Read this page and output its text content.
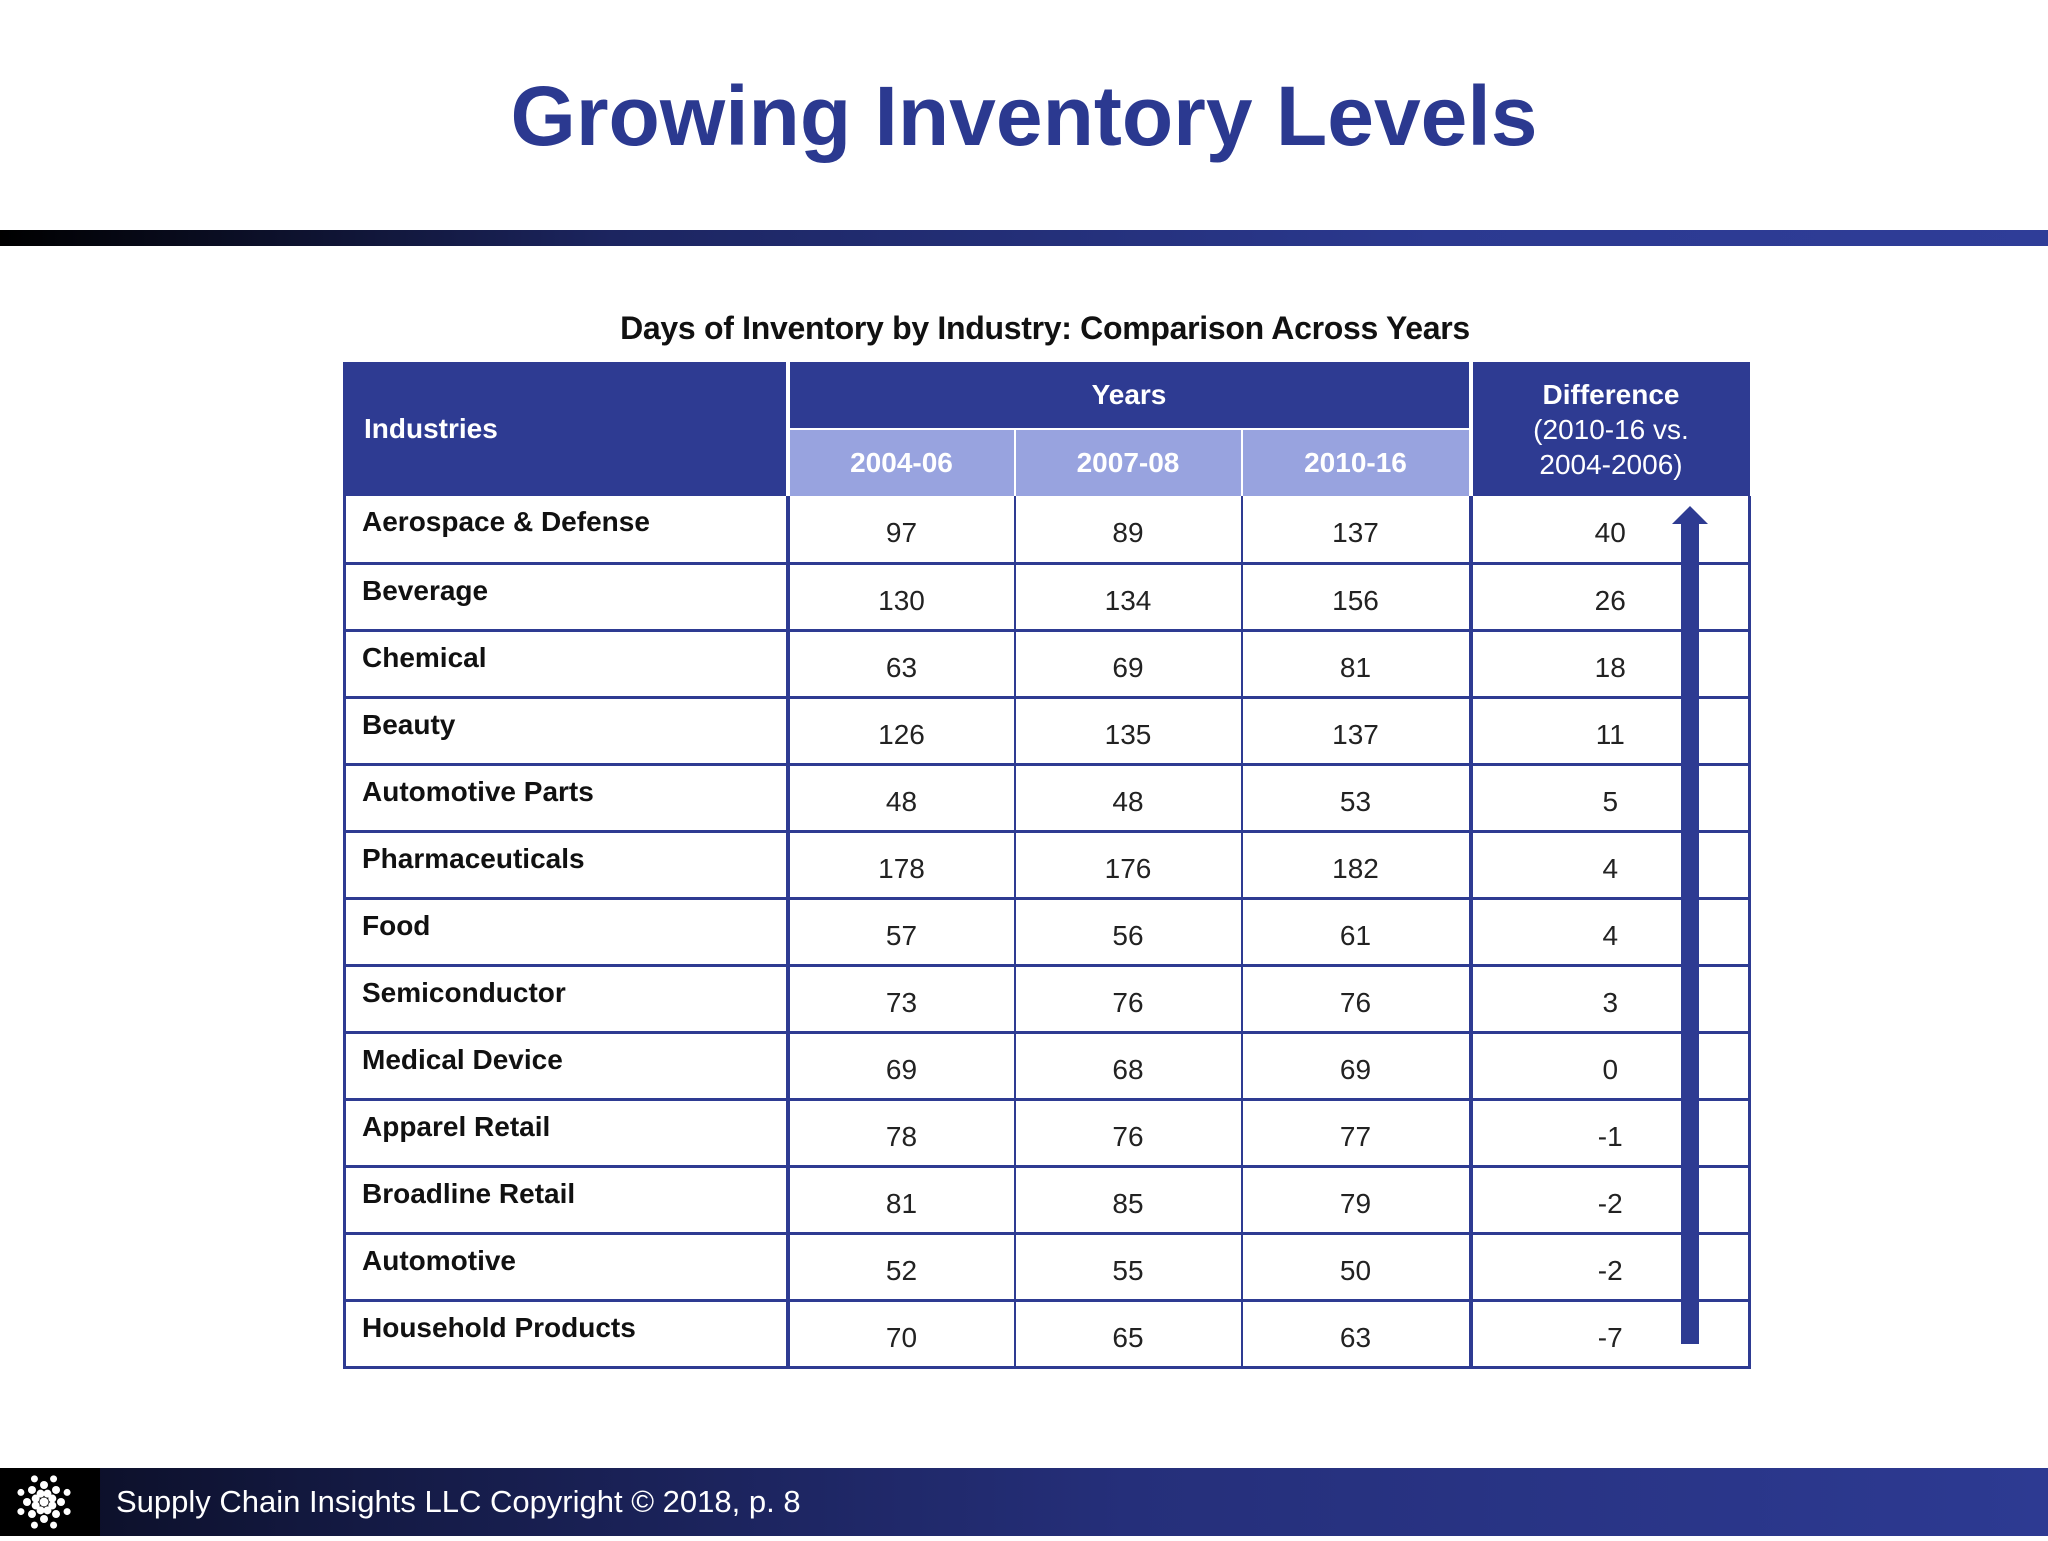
Growing Inventory Levels
Days of Inventory by Industry: Comparison Across Years
Industries	Years			Difference
(2010-16 vs.
2004-2006)

	2004-06	2007-08	2010-16	
Aerospace & Defense	97	89	137	40
Beverage	130	134	156	26
Chemical	63	69	81	18
Beauty	126	135	137	11
Automotive Parts	48	48	53	5
Pharmaceuticals	178	176	182	4
Food	57	56	61	4
Semiconductor	73	76	76	3
Medical Device	69	68	69	0
Apparel Retail	78	76	77	-1
Broadline Retail	81	85	79	-2
Automotive	52	55	50	-2
Household Products	70	65	63	-7
Supply Chain Insights LLC Copyright © 2018, p. 8
